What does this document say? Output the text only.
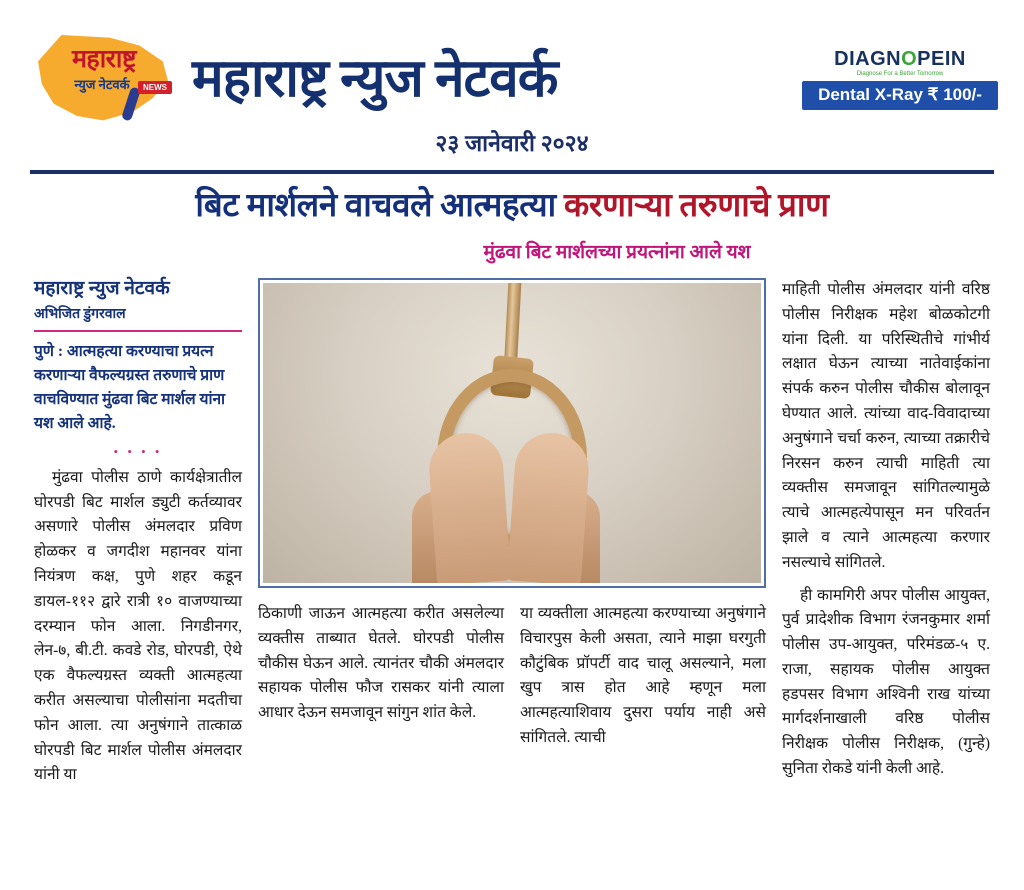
महाराष्ट्र
न्युज नेटवर्क	NEWS महाराष्ट्र न्युज नेटवर्क	DIAGNOPEIN
Diagnose For a Better Tomorrow
Dental X-Ray ₹ 100/-
२३ जानेवारी २०२४
बिट मार्शलने वाचवले आत्महत्या करणाऱ्या तरुणाचे प्राण
मुंढवा बिट मार्शलच्या प्रयत्नांना आले यश
महाराष्ट्र न्युज नेटवर्क
अभिजित डुंगरवाल
पुणे : आत्महत्या करण्याचा प्रयत्न करणाऱ्या वैफल्यग्रस्त तरुणाचे प्राण वाचविण्यात मुंढवा बिट मार्शल यांना यश आले आहे.
• • • •
मुंढवा पोलीस ठाणे कार्यक्षेत्रातील घोरपडी बिट मार्शल ड्युटी कर्तव्यावर असणारे पोलीस अंमलदार प्रविण होळकर व जगदीश महानवर यांना नियंत्रण कक्ष, पुणे शहर कडून डायल-११२ द्वारे रात्री १० वाजण्याच्या दरम्यान फोन आला. निगडीनगर, लेन-७, बी.टी. कवडे रोड, घोरपडी, ऐथे एक वैफल्यग्रस्त व्यक्ती आत्महत्या करीत असल्याचा पोलीसांना मदतीचा फोन आला. त्या अनुषंगाने तात्काळ घोरपडी बिट मार्शल पोलीस अंमलदार यांनी या
ठिकाणी जाऊन आत्महत्या करीत असलेल्या व्यक्तीस ताब्यात घेतले. घोरपडी पोलीस चौकीस घेऊन आले. त्यानंतर चौकी अंमलदार सहायक पोलीस फौज रासकर यांनी त्याला आधार देऊन समजावून सांगुन शांत केले.
या व्यक्तीला आत्महत्या करण्याच्या अनुषंगाने विचारपुस केली असता, त्याने माझा घरगुती कौटुंबिक प्रॉपर्टी वाद चालू असल्याने, मला खुप त्रास होत आहे म्हणून मला आत्महत्याशिवाय दुसरा पर्याय नाही असे सांगितले. त्याची
माहिती पोलीस अंमलदार यांनी वरिष्ठ पोलीस निरीक्षक महेश बोळकोटगी यांना दिली. या परिस्थितीचे गांभीर्य लक्षात घेऊन त्याच्या नातेवाईकांना संपर्क करुन पोलीस चौकीस बोलावून घेण्यात आले. त्यांच्या वाद-विवादाच्या अनुषंगाने चर्चा करुन, त्याच्या तक्रारीचे निरसन करुन त्याची माहिती त्या व्यक्तीस समजावून सांगितल्यामुळे त्याचे आत्महत्येपासून मन परिवर्तन झाले व त्याने आत्महत्या करणार नसल्याचे सांगितले.
ही कामगिरी अपर पोलीस आयुक्त, पुर्व प्रादेशीक विभाग रंजनकुमार शर्मा पोलीस उप-आयुक्त, परिमंडळ-५ ए. राजा, सहायक पोलीस आयुक्त हडपसर विभाग अश्विनी राख यांच्या मार्गदर्शनाखाली वरिष्ठ पोलीस निरीक्षक पोलीस निरीक्षक, (गुन्हे) सुनिता रोकडे यांनी केली आहे.
